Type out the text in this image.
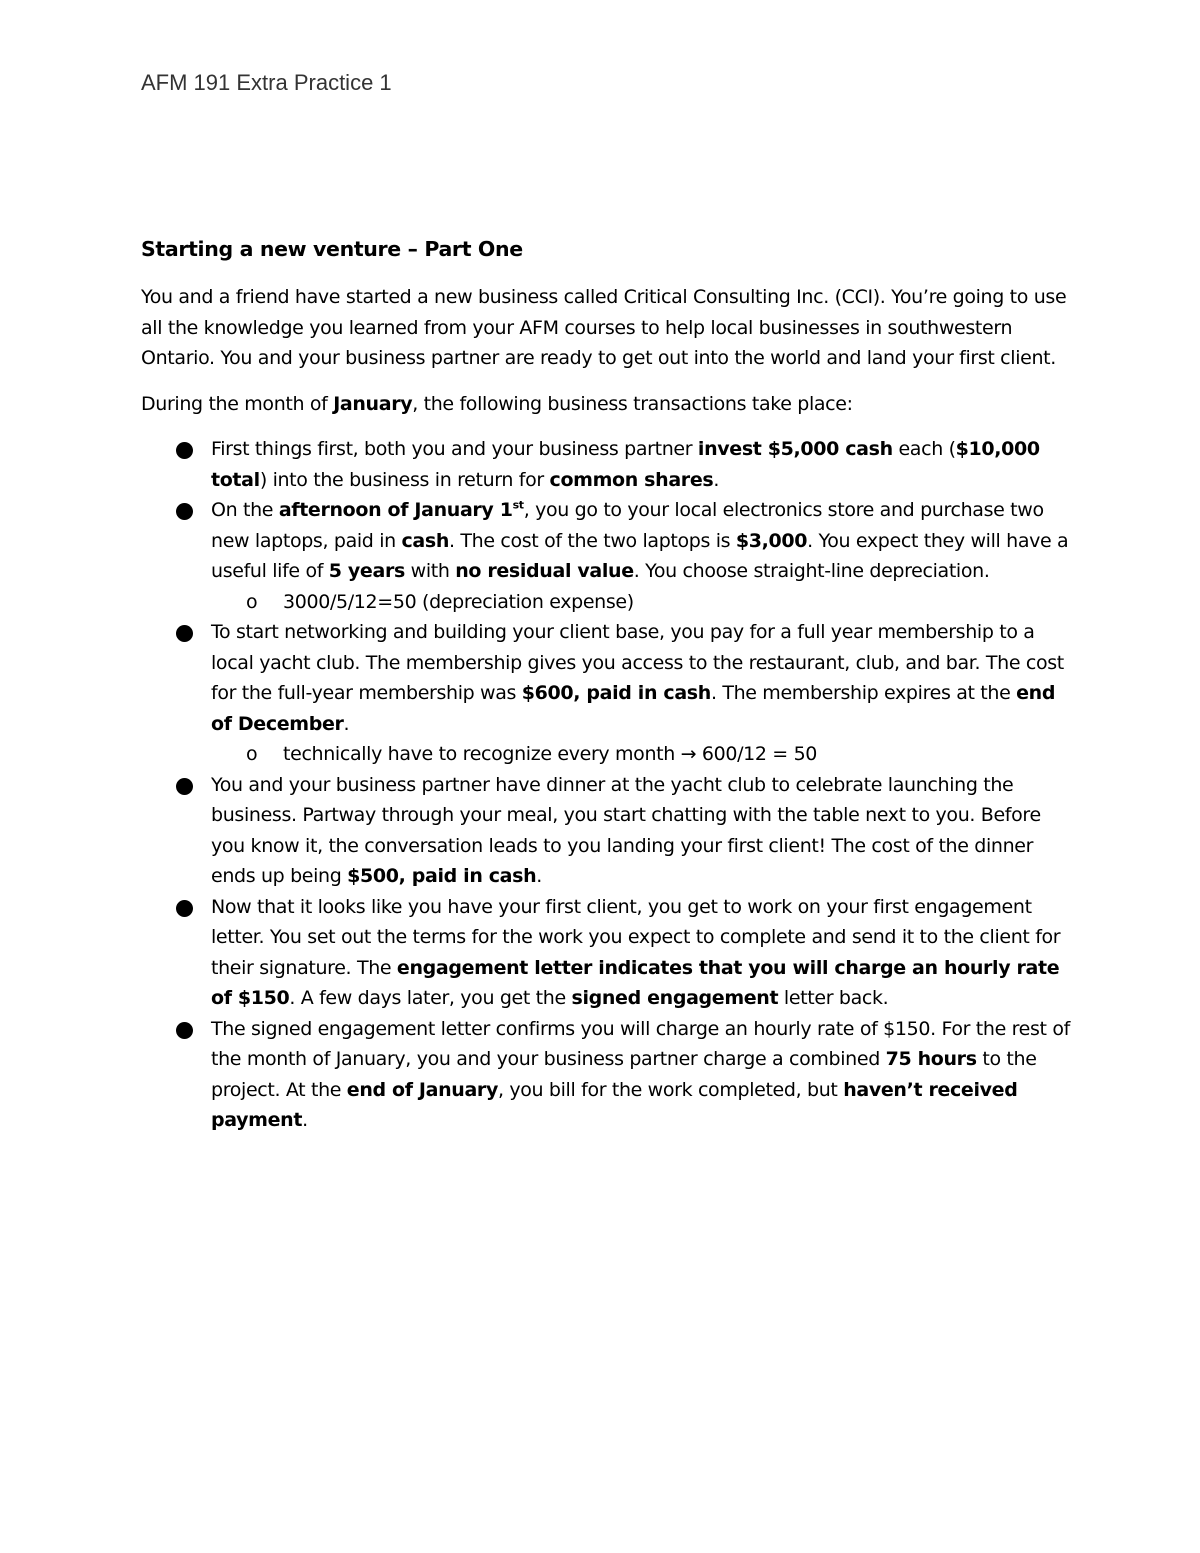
AFM 191 Extra Practice 1
Starting a new venture – Part One

You and a friend have started a new business called Critical Consulting Inc. (CCI). You’re going to use all the knowledge you learned from your AFM courses to help local businesses in southwestern Ontario. You and your business partner are ready to get out into the world and land your first client.

During the month of January, the following business transactions take place:

First things first, both you and your business partner invest $5,000 cash each ($10,000 total) into the business in return for common shares.
On the afternoon of January 1st, you go to your local electronics store and purchase two new laptops, paid in cash. The cost of the two laptops is $3,000. You expect they will have a useful life of 5 years with no residual value. You choose straight-line depreciation.
o 3000/5/12=50 (depreciation expense)
To start networking and building your client base, you pay for a full year membership to a local yacht club. The membership gives you access to the restaurant, club, and bar. The cost for the full-year membership was $600, paid in cash. The membership expires at the end of December.
o technically have to recognize every month → 600/12 = 50
You and your business partner have dinner at the yacht club to celebrate launching the business. Partway through your meal, you start chatting with the table next to you. Before you know it, the conversation leads to you landing your first client! The cost of the dinner ends up being $500, paid in cash.
Now that it looks like you have your first client, you get to work on your first engagement letter. You set out the terms for the work you expect to complete and send it to the client for their signature. The engagement letter indicates that you will charge an hourly rate of $150. A few days later, you get the signed engagement letter back.
The signed engagement letter confirms you will charge an hourly rate of $150. For the rest of the month of January, you and your business partner charge a combined 75 hours to the project. At the end of January, you bill for the work completed, but haven’t received payment.
